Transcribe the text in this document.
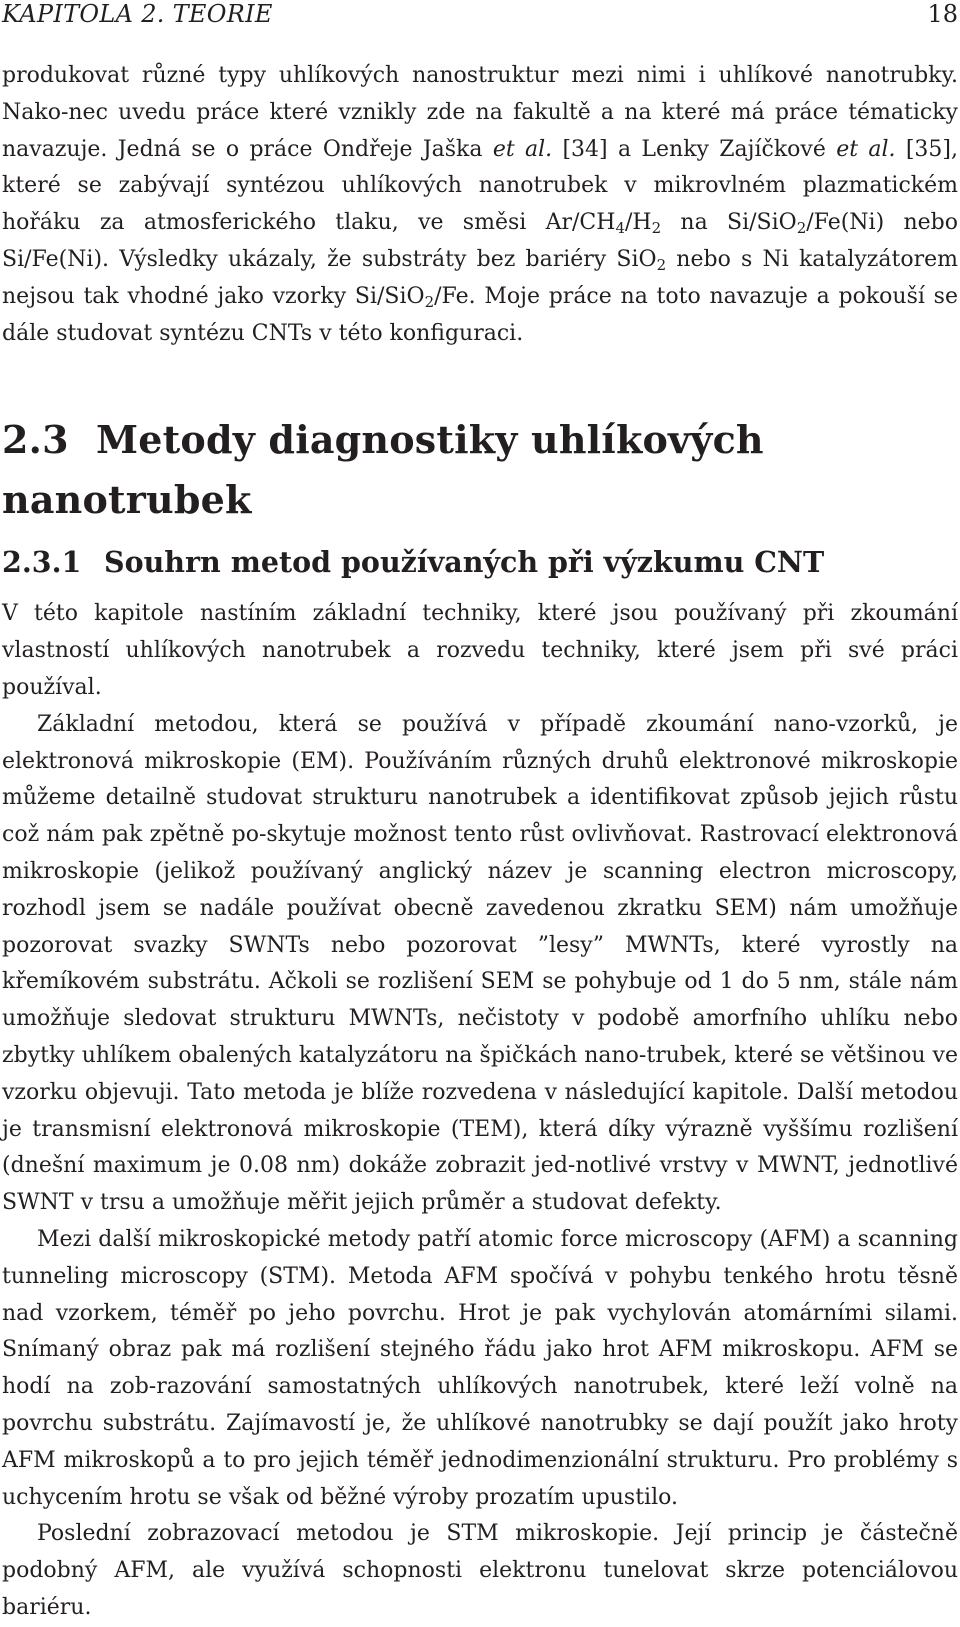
KAPITOLA 2. TEORIE	18

produkovat různé typy uhlíkových nanostruktur mezi nimi i uhlíkové nanotrubky. Nako-nec uvedu práce které vznikly zde na fakultě a na které má práce tématicky navazuje. Jedná se o práce Ondřeje Jaška et al. [34] a Lenky Zajíčkové et al. [35], které se zabývají syntézou uhlíkových nanotrubek v mikrovlném plazmatickém hořáku za atmosferického tlaku, ve směsi $Ar/CH_4/H_2$ na Si/SiO$_2$/Fe(Ni) nebo Si/Fe(Ni). Výsledky ukázaly, že substráty bez bariéry SiO$_2$ nebo s Ni katalyzátorem nejsou tak vhodné jako vzorky Si/SiO$_2$/Fe. Moje práce na toto navazuje a pokouší se dále studovat syntézu CNTs v této konfiguraci.

2.3 Metody diagnostiky uhlíkových nanotrubek
2.3.1 Souhrn metod používaných při výzkumu CNT

V této kapitole nastíním základní techniky, které jsou používaný při zkoumání vlastností uhlíkových nanotrubek a rozvedu techniky, které jsem při své práci používal.

Základní metodou, která se používá v případě zkoumání nano-vzorků, je elektronová mikroskopie (EM). Používáním různých druhů elektronové mikroskopie můžeme detailně studovat strukturu nanotrubek a identifikovat způsob jejich růstu což nám pak zpětně po-skytuje možnost tento růst ovlivňovat. Rastrovací elektronová mikroskopie (jelikož používaný anglický název je scanning electron microscopy, rozhodl jsem se nadále používat obecně zavedenou zkratku SEM) nám umožňuje pozorovat svazky SWNTs nebo pozorovat ”lesy” MWNTs, které vyrostly na křemíkovém substrátu. Ačkoli se rozlišení SEM se pohybuje od 1 do 5 nm, stále nám umožňuje sledovat strukturu MWNTs, nečistoty v podobě amorfního uhlíku nebo zbytky uhlíkem obalených katalyzátoru na špičkách nano-trubek, které se většinou ve vzorku objevuji. Tato metoda je blíže rozvedena v následující kapitole. Další metodou je transmisní elektronová mikroskopie (TEM), která díky výrazně vyššímu rozlišení (dnešní maximum je 0.08 nm) dokáže zobrazit jed-notlivé vrstvy v MWNT, jednotlivé SWNT v trsu a umožňuje měřit jejich průměr a studovat defekty.

Mezi další mikroskopické metody patří atomic force microscopy (AFM) a scanning tunneling microscopy (STM). Metoda AFM spočívá v pohybu tenkého hrotu těsně nad vzorkem, téměř po jeho povrchu. Hrot je pak vychylován atomárními silami. Snímaný obraz pak má rozlišení stejného řádu jako hrot AFM mikroskopu. AFM se hodí na zob-razování samostatných uhlíkových nanotrubek, které leží volně na povrchu substrátu. Zajímavostí je, že uhlíkové nanotrubky se dají použít jako hroty AFM mikroskopů a to pro jejich téměř jednodimenzionální strukturu. Pro problémy s uchycením hrotu se však od běžné výroby prozatím upustilo.

Poslední zobrazovací metodou je STM mikroskopie. Její princip je částečně podobný AFM, ale využívá schopnosti elektronu tunelovat skrze potenciálovou bariéru.
